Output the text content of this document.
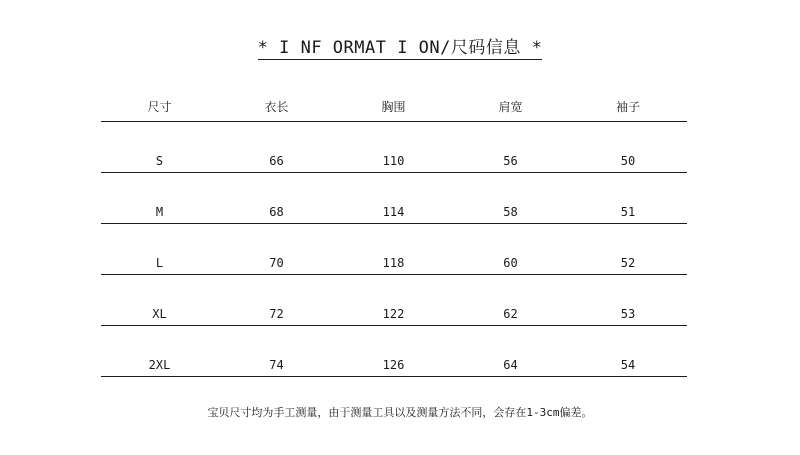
* I NF ORMAT I ON/尺码信息 *
尺寸	衣长	胸围	肩宽	袖子
S	66	110	56	50
M	68	114	58	51
L	70	118	60	52
XL	72	122	62	53
2XL	74	126	64	54
宝贝尺寸均为手工测量，由于测量工具以及测量方法不同，会存在1-3cm偏差。
